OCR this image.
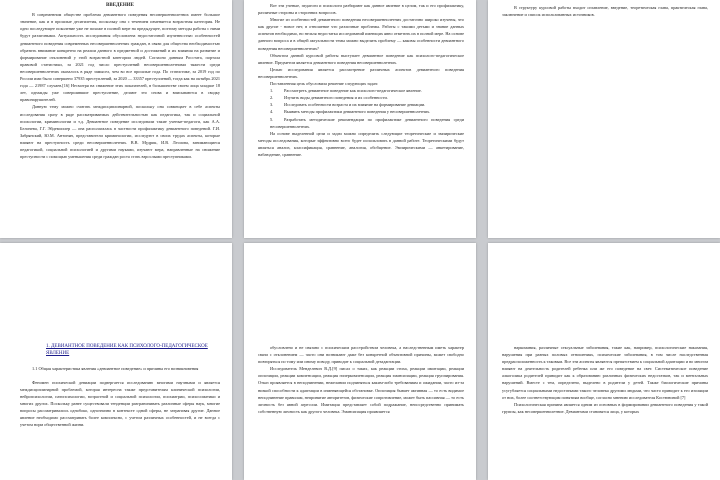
ВВЕДЕНИЕ

В современном обществе проблема девиантного поведения несовершеннолетних имеет большое значение, как и в прошлые десятилетия, поскольку она с течением изменяется возрастная категория. Не одно последующее поколение уже не похоже в полной мере на предыдущее, поэтому методы работы с ними будут различными. Актуальность исследования обусловлена недостаточной изученностью особенностей девиантного поведения современных несовершеннолетних граждан, в связи для общества необходимостью обратить внимание конкретно на реалии данного в предметной и достижений и их влияния на развитие и формирование отклонений у этой возрастной категории людей. Согласно данным Росстата, портала правовой статистики, за 2021 год число преступлений несовершеннолетними тяжести среди несовершеннолетних оказалось в ряде замысел, чем во все прошлые года. По статистике, за 2019 год по России ими было совершено 37935 преступлений, за 2020 — 33357 преступлений, тогда как на октябрь 2021 года — 21987 случаев.[16] Несмотря на снижение этих показателей, в большинстве своем лица младше 18 лет, однажды уже совершившие преступление, делают это снова и вписываются в сводку правонарушителей.

Данную тему можно считать междисциплинарной, поскольку она совмещает в себе аспекты исследования сразу в ряде рассматриваемых действительностью как педагогика, так и социальной психологии, криминологии и т.д. Девиантное поведение исследовали такие ученые-педагоги, как А.А. Беличева, Г.Г. Эйдемиллер — она располагалась в частности профилактику девиантного поведений. Г.И. Забрянский, Ю.М. Антонян, представители криминологии, исследуют в своих трудах аспекты, которые влияют на преступность среди несовершеннолетних. В.В. Мудрик, И.В. Лесиова, занимающиеся педагогикой, социальной психологией и другими науками, изучают мера, направленные на снижение преступности с помощью уменьшения среди граждан роста стать взрослыми преступниками.

Вот эти ученые, педагоги и психологи разбирают как данное явление в целом, так и его профилактику, различные стороны и сторонних вопросов.

Многие из особенностей девиантного поведения несовершеннолетних достаточно широко изучены, что как другие - новое нет, в отношение что различные проблемы. Работы с такими детьми и знание данных аспектов необходимо, но нельзя недостатка исследований имеющих явно отметить их в полной мере. На основе данного вопроса и в общей актуальности темы можно выделить проблему — каковы особенности девиантного поведения несовершеннолетних?

Объектом данной курсовой работы выступает девиантное поведение как психолого-педагогическое явление. Предметом является девиантного поведения несовершеннолетних.

Целью исследования является рассмотрение различных аспектов девиантного поведения несовершеннолетних.

Поставленная цель обусловила решение следующих задач:

1.	Рассмотреть девиантное поведение как психолого-педагогическое явление.

2.	Изучить виды девиантного поведения и их особенности.

3.	Исследовать особенности возраста и их влияние на формирование девиации.

4.	Выявить методы профилактики девиантного поведения у несовершеннолетних.

5.	Разработать методические рекомендации по профилактике девиантного поведения среди несовершеннолетних.

На основе выделенной цели и задач можно определить следующие теоретические и эмпирические методы исследования, которые эффективно всего будет использовать в данной работе. Теоретическими будут являться анализ, классификация, сравнение, аналогия, обобщение. Эмпирическими — анкетирование, наблюдение, сравнение.

В структуру курсовой работы входит оглавление, введение, теоретическая глава, практическая глава, заключение и список использованных источников.

1. ДЕВИАНТНОЕ ПОВЕДЕНИЕ КАК ПСИХОЛОГО-ПЕДАГОГИЧЕСКОЕ ЯВЛЕНИЕ

1.1 Общая характеристика явления «девиантное поведение» и причины его возникновения

Феномен психической девиации подвергается исследованию многими научными и является междисциплинарной проблемой, которая интересна также представителям клинической психологии, нейропсихологии, патопсихологии, возрастной и социальной психологии, психиатрии, психосоматики и многих других. Поскольку ранее существовали тенденции разграничивать различные сферы наук, многие вопросы рассматривались однобоко, однозначно в контексте одной сферы, не затрагивая другие. Данное явление необходимо рассматривать более комплексно, с учетом различных особенностей, и не всегда с учетом норм общественной жизни.

обусловлено и не связано с психическим расстройством человека, а наследственным иметь характер связи с отклонением — часто они возникают даже без конкретной объективной причины, может свободно повторяться по тому или иному поводу, приводит к социальной дезадаптации.

Исследователь Менделевич В.Д.[9] писал о таких, как реакции стиха, реакции имитации, реакции оппозиции, реакции компенсации, реакция гиперкомпенсации, реакция эмансипации, реакция группирования. Отказ проявляется в неподчинении, нежелании подчиняться каким-либо требованиям и ожидании, часто из-за низкой способности к адаптации в изменяющейся обстановке. Оппозиция бывает активная — то есть видимое неподчинение правилам, непринятие авторитетов, физические сопротивление, может быть пассивная — то есть личность без явной агрессии. Имитация представляет собой подражание, непосредственно принимать собственную личность как другого человека. Эмансипация проявляется

наркомания, различные сексуальные заболевания, такие как, например, психологические наказания, нарушения при разных половых отношениях, психические заболевания, в том числе наследственная предрасположенность к таковым. Все эти аспекты являются препятствием к социальной адаптации и во многом влияют на деятельность родителей ребенка или же его поведение на свет. Систематическое поведение алкоголика родителей приводит как к образованию различных физических недостатков, так и ментальных нарушений. Вместе с тем, определено, выделено в родители у детей. Также биологические причины усугубляется социальными недостатками такого человека другими людьми, что часто приводит к его изоляции от них, более соответствующим понятиям вообще, согласно мнению исследователя Костюниной [7]

Психологическая причина является одним из основных в формировании девиантного поведения у такой группы, как несовершеннолетние. Девиантами становятся лица, у которых
